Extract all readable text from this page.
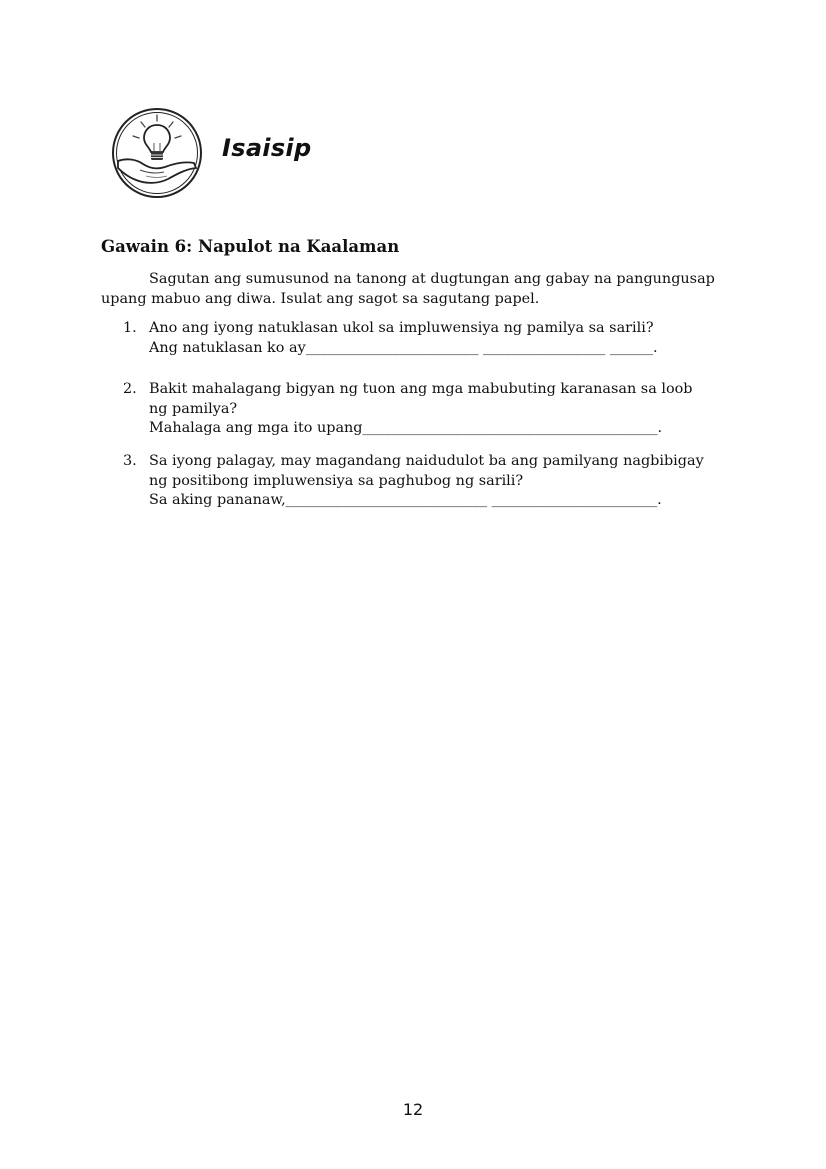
Isaisip
Gawain 6: Napulot na Kaalaman
Sagutan ang sumusunod na tanong at dugtungan ang gabay na pangungusap upang mabuo ang diwa. Isulat ang sagot sa sagutang papel.
1. Ano ang iyong natuklasan ukol sa impluwensiya ng pamilya sa sarili?
Ang natuklasan ko ay________________________ _________________ ______.
2. Bakit mahalagang bigyan ng tuon ang mga mabubuting karanasan sa loob
ng pamilya?
Mahalaga ang mga ito upang_________________________________________.
3. Sa iyong palagay, may magandang naidudulot ba ang pamilyang nagbibigay
ng positibong impluwensiya sa paghubog ng sarili?
Sa aking pananaw,____________________________ _______________________.
12
